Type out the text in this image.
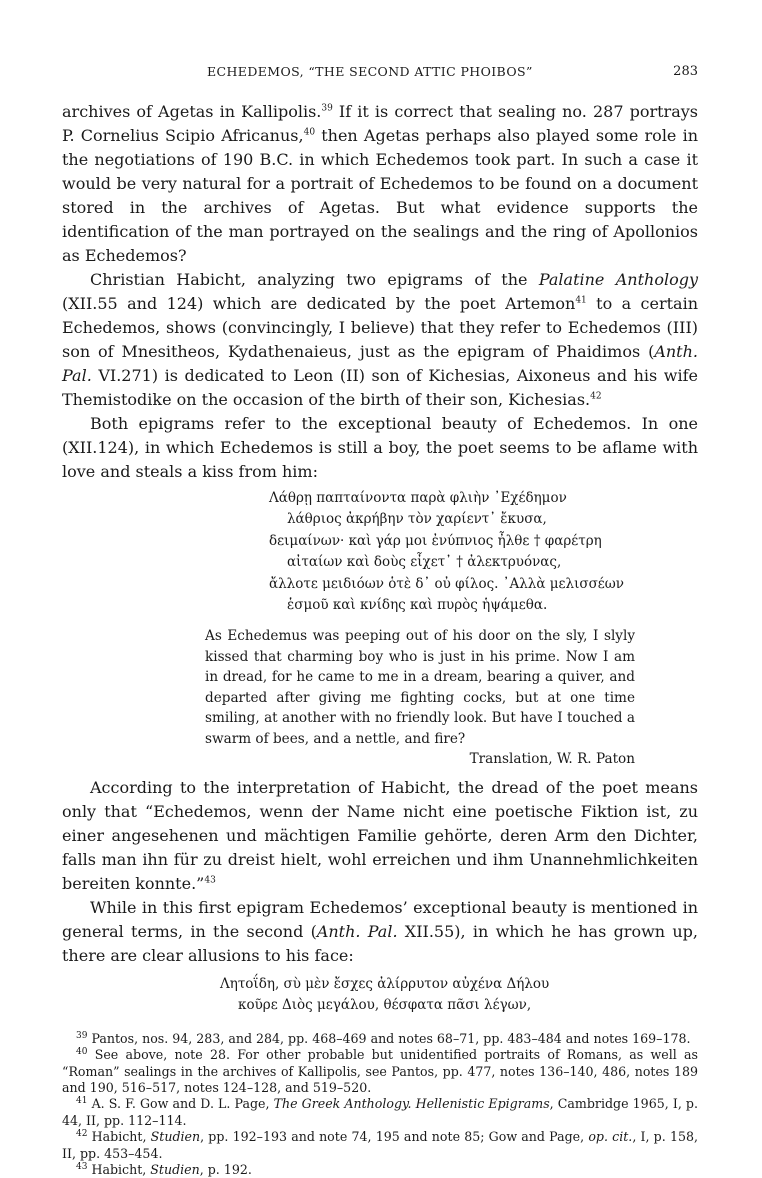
ECHEDEMOS, “THE SECOND ATTIC PHOIBOS”	283

archives of Agetas in Kallipolis.$^{39}$ If it is correct that sealing no. 287 portrays P. Cornelius Scipio Africanus,$^{40}$ then Agetas perhaps also played some role in the negotiations of 190 B.C. in which Echedemos took part. In such a case it would be very natural for a portrait of Echedemos to be found on a document stored in the archives of Agetas. But what evidence supports the identification of the man portrayed on the sealings and the ring of Apollonios as Echedemos?

Christian Habicht, analyzing two epigrams of the Palatine Anthology (XII.55 and 124) which are dedicated by the poet Artemon$^{41}$ to a certain Echedemos, shows (convincingly, I believe) that they refer to Echedemos (III) son of Mnesitheos, Kydathenaieus, just as the epigram of Phaidimos (Anth. Pal. VI.271) is dedicated to Leon (II) son of Kichesias, Aixoneus and his wife Themistodike on the occasion of the birth of their son, Kichesias.$^{42}$

Both epigrams refer to the exceptional beauty of Echedemos. In one (XII.124), in which Echedemos is still a boy, the poet seems to be aflame with love and steals a kiss from him:

Λάθρῃ παπταίνοντα παρὰ φλιὴν ᾿Εχέδημον
λάθριος ἀκρήβην τὸν χαρίεντ᾿ ἔκυσα,
δειμαίνων· καὶ γάρ μοι ἐνύπνιος ἦλθε † φαρέτρη
αἰταίων καὶ δοὺς εἶχετ᾿ † ἀλεκτρυόνας,
ἄλλοτε μειδιόων ὁτὲ δ᾿ οὐ φίλος. ᾿Αλλὰ μελισσέων
ἑσμοῦ καὶ κνίδης καὶ πυρὸς ἡψάμεθα.
As Echedemus was peeping out of his door on the sly, I slyly kissed that charming boy who is just in his prime. Now I am in dread, for he came to me in a dream, bearing a quiver, and departed after giving me fighting cocks, but at one time smiling, at another with no friendly look. But have I touched a swarm of bees, and a nettle, and fire?
Translation, W. R. Paton

According to the interpretation of Habicht, the dread of the poet means only that “Echedemos, wenn der Name nicht eine poetische Fiktion ist, zu einer angesehenen und mächtigen Familie gehörte, deren Arm den Dichter, falls man ihn für zu dreist hielt, wohl erreichen und ihm Unannehmlichkeiten bereiten konnte.”$^{43}$

While in this first epigram Echedemos’ exceptional beauty is mentioned in general terms, in the second (Anth. Pal. XII.55), in which he has grown up, there are clear allusions to his face:

Λητοΐδη, σὺ μὲν ἔσχες ἀλίρρυτον αὐχένα Δήλου
κοῦρε Διὸς μεγάλου, θέσφατα πᾶσι λέγων,

$^{39}$ Pantos, nos. 94, 283, and 284, pp. 468–469 and notes 68–71, pp. 483–484 and notes 169–178.

$^{40}$ See above, note 28. For other probable but unidentified portraits of Romans, as well as “Roman” sealings in the archives of Kallipolis, see Pantos, pp. 477, notes 136–140, 486, notes 189 and 190, 516–517, notes 124–128, and 519–520.

$^{41}$ A. S. F. Gow and D. L. Page, The Greek Anthology. Hellenistic Epigrams, Cambridge 1965, I, p. 44, II, pp. 112–114.

$^{42}$ Habicht, Studien, pp. 192–193 and note 74, 195 and note 85; Gow and Page, op. cit., I, p. 158, II, pp. 453–454.

$^{43}$ Habicht, Studien, p. 192.
